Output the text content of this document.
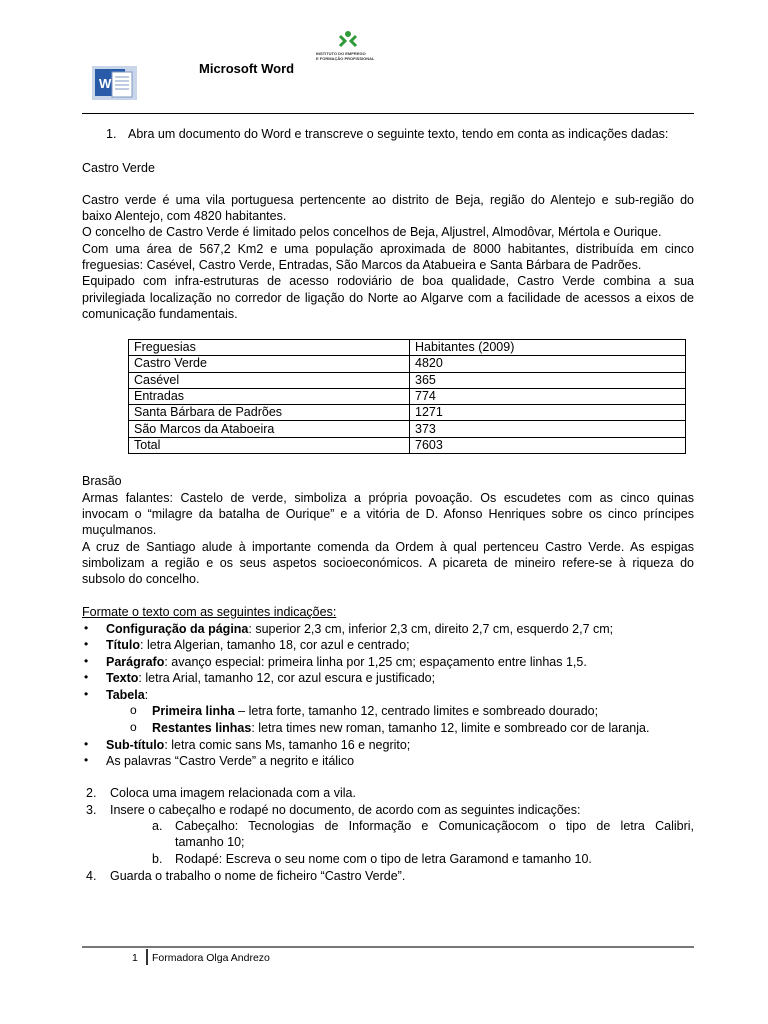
W
Microsoft Word
INSTITUTO DO EMPREGO
E FORMAÇÃO PROFISSIONAL
1. Abra um documento do Word e transcreve o seguinte texto, tendo em conta as indicações dadas:
Castro Verde
Castro verde é uma vila portuguesa pertencente ao distrito de Beja, região do Alentejo e sub-região do
baixo Alentejo, com 4820 habitantes.
O concelho de Castro Verde é limitado pelos concelhos de Beja, Aljustrel, Almodôvar, Mértola e Ourique.
Com uma área de 567,2 Km2 e uma população aproximada de 8000 habitantes, distribuída em cinco
freguesias: Casével, Castro Verde, Entradas, São Marcos da Atabueira e Santa Bárbara de Padrões.
Equipado com infra-estruturas de acesso rodoviário de boa qualidade, Castro Verde combina a sua
privilegiada localização no corredor de ligação do Norte ao Algarve com a facilidade de acessos a eixos de
comunicação fundamentais.
Freguesias	Habitantes (2009)
Castro Verde	4820
Casével	365
Entradas	774
Santa Bárbara de Padrões	1271
São Marcos da Ataboeira	373
Total	7603
Brasão
Armas falantes: Castelo de verde, simboliza a própria povoação. Os escudetes com as cinco quinas
invocam o “milagre da batalha de Ourique” e a vitória de D. Afonso Henriques sobre os cinco príncipes
muçulmanos.
A cruz de Santiago alude à importante comenda da Ordem à qual pertenceu Castro Verde. As espigas
simbolizam a região e os seus aspetos socioeconómicos. A picareta de mineiro refere-se à riqueza do
subsolo do concelho.
Formate o texto com as seguintes indicações:
•	Configuração da página: superior 2,3 cm, inferior 2,3 cm, direito 2,7 cm, esquerdo 2,7 cm;
•	Título: letra Algerian, tamanho 18, cor azul e centrado;
•	Parágrafo: avanço especial: primeira linha por 1,25 cm; espaçamento entre linhas 1,5.
•	Texto: letra Arial, tamanho 12, cor azul escura e justificado;
•	Tabela:
o Primeira linha – letra forte, tamanho 12, centrado limites e sombreado dourado;
o Restantes linhas: letra times new roman, tamanho 12, limite e sombreado cor de laranja.
•	Sub-título: letra comic sans Ms, tamanho 16 e negrito;
•	As palavras “Castro Verde” a negrito e itálico
2. Coloca uma imagem relacionada com a vila.
3. Insere o cabeçalho e rodapé no documento, de acordo com as seguintes indicações:
a. Cabeçalho: Tecnologias de Informação e Comunicaçãocom o tipo de letra Calibri,
tamanho 10;
b. Rodapé: Escreva o seu nome com o tipo de letra Garamond e tamanho 10.
4. Guarda o trabalho o nome de ficheiro “Castro Verde”.
1 Formadora Olga Andrezo
